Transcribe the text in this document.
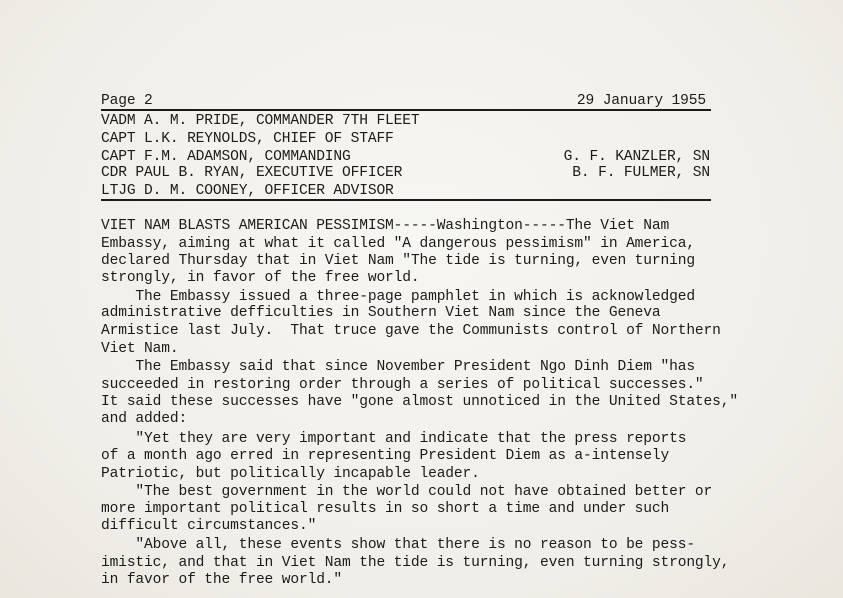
Page 2	29 January 1955
VADM A. M. PRIDE, COMMANDER 7TH FLEET
CAPT L.K. REYNOLDS, CHIEF OF STAFF
CAPT F.M. ADAMSON, COMMANDING
CDR PAUL B. RYAN, EXECUTIVE OFFICER
LTJG D. M. COONEY, OFFICER ADVISOR
G. F. KANZLER, SN
B. F. FULMER, SN
VIET NAM BLASTS AMERICAN PESSIMISM-----Washington-----The Viet Nam
Embassy, aiming at what it called "A dangerous pessimism" in America,
declared Thursday that in Viet Nam "The tide is turning, even turning
strongly, in favor of the free world.
The Embassy issued a three-page pamphlet in which is acknowledged
administrative defficulties in Southern Viet Nam since the Geneva
Armistice last July.  That truce gave the Communists control of Northern
Viet Nam.
The Embassy said that since November President Ngo Dinh Diem "has
succeeded in restoring order through a series of political successes."
It said these successes have "gone almost unnoticed in the United States,"
and added:
"Yet they are very important and indicate that the press reports
of a month ago erred in representing President Diem as a-intensely
Patriotic, but politically incapable leader.
"The best government in the world could not have obtained better or
more important political results in so short a time and under such
difficult circumstances."
"Above all, these events show that there is no reason to be pess-
imistic, and that in Viet Nam the tide is turning, even turning strongly,
in favor of the free world."
